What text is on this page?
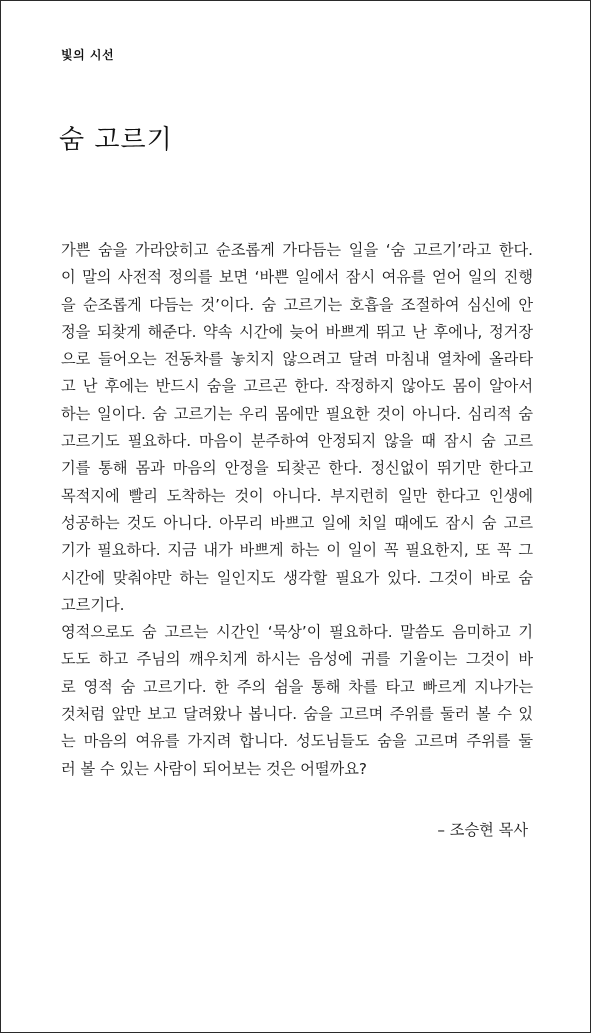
빛의 시선
숨 고르기
가쁜 숨을 가라앉히고 순조롭게 가다듬는 일을 ‘숨 고르기’라고 한다.
이 말의 사전적 정의를 보면 ‘바쁜 일에서 잠시 여유를 얻어 일의 진행
을 순조롭게 다듬는 것’이다. 숨 고르기는 호흡을 조절하여 심신에 안
정을 되찾게 해준다. 약속 시간에 늦어 바쁘게 뛰고 난 후에나, 정거장
으로 들어오는 전동차를 놓치지 않으려고 달려 마침내 열차에 올라타
고 난 후에는 반드시 숨을 고르곤 한다. 작정하지 않아도 몸이 알아서
하는 일이다. 숨 고르기는 우리 몸에만 필요한 것이 아니다. 심리적 숨
고르기도 필요하다. 마음이 분주하여 안정되지 않을 때 잠시 숨 고르
기를 통해 몸과 마음의 안정을 되찾곤 한다. 정신없이 뛰기만 한다고
목적지에 빨리 도착하는 것이 아니다. 부지런히 일만 한다고 인생에
성공하는 것도 아니다. 아무리 바쁘고 일에 치일 때에도 잠시 숨 고르
기가 필요하다. 지금 내가 바쁘게 하는 이 일이 꼭 필요한지, 또 꼭 그
시간에 맞춰야만 하는 일인지도 생각할 필요가 있다. 그것이 바로 숨
고르기다.
영적으로도 숨 고르는 시간인 ‘묵상’이 필요하다. 말씀도 음미하고 기
도도 하고 주님의 깨우치게 하시는 음성에 귀를 기울이는 그것이 바
로 영적 숨 고르기다. 한 주의 쉼을 통해 차를 타고 빠르게 지나가는
것처럼 앞만 보고 달려왔나 봅니다. 숨을 고르며 주위를 둘러 볼 수 있
는 마음의 여유를 가지려 합니다. 성도님들도 숨을 고르며 주위를 둘
러 볼 수 있는 사람이 되어보는 것은 어떨까요?
– 조승현 목사
